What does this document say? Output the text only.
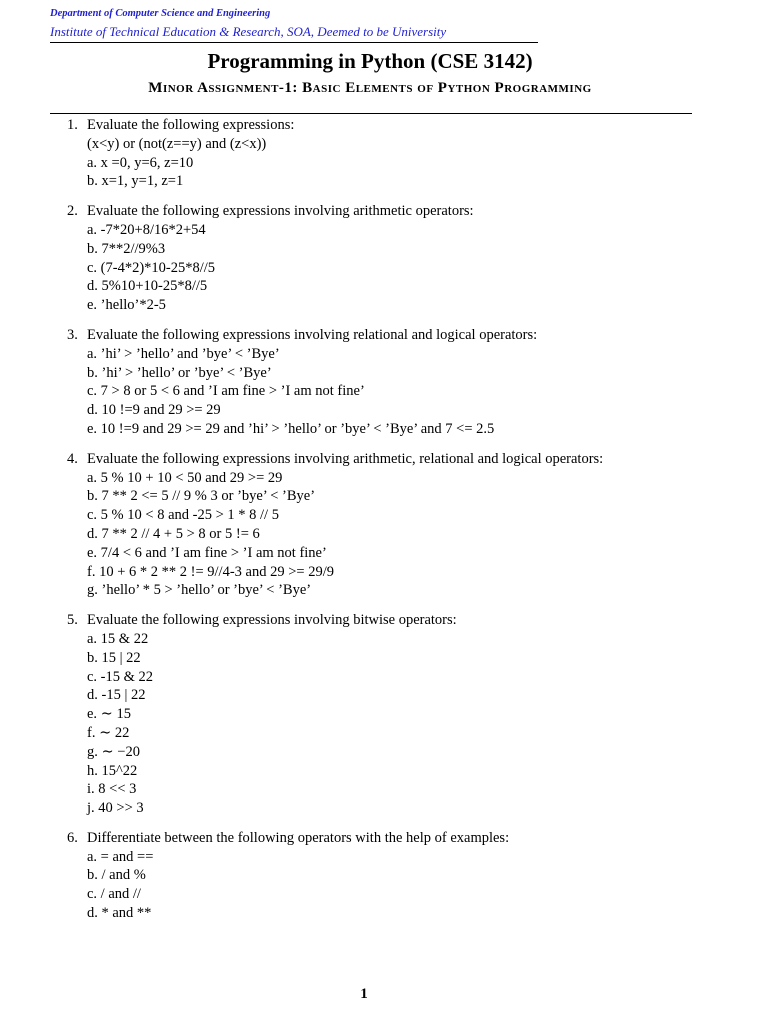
Department of Computer Science and Engineering
Institute of Technical Education & Research, SOA, Deemed to be University
Programming in Python (CSE 3142)
Minor Assignment-1: Basic Elements of Python Programming
1. Evaluate the following expressions:
(x<y) or (not(z==y) and (z<x))
a. x =0, y=6, z=10
b. x=1, y=1, z=1
2. Evaluate the following expressions involving arithmetic operators:
a. -7*20+8/16*2+54
b. 7**2//9%3
c. (7-4*2)*10-25*8//5
d. 5%10+10-25*8//5
e. ’hello’*2-5
3. Evaluate the following expressions involving relational and logical operators:
a. ’hi’ > ’hello’ and ’bye’ < ’Bye’
b. ’hi’ > ’hello’ or ’bye’ < ’Bye’
c. 7 > 8 or 5 < 6 and ’I am fine > ’I am not fine’
d. 10 !=9 and 29 >= 29
e. 10 !=9 and 29 >= 29 and ’hi’ > ’hello’ or ’bye’ < ’Bye’ and 7 <= 2.5
4. Evaluate the following expressions involving arithmetic, relational and logical operators:
a. 5 % 10 + 10 < 50 and 29 >= 29
b. 7 ** 2 <= 5 // 9 % 3 or ’bye’ < ’Bye’
c. 5 % 10 < 8 and -25 > 1 * 8 // 5
d. 7 ** 2 // 4 + 5 > 8 or 5 != 6
e. 7/4 < 6 and ’I am fine > ’I am not fine’
f. 10 + 6 * 2 ** 2 != 9//4-3 and 29 >= 29/9
g. ’hello’ * 5 > ’hello’ or ’bye’ < ’Bye’
5. Evaluate the following expressions involving bitwise operators:
a. 15 & 22
b. 15 | 22
c. -15 & 22
d. -15 | 22
e. ∼ 15
f. ∼ 22
g. ∼ −20
h. 15^22
i. 8 << 3
j. 40 >> 3
6. Differentiate between the following operators with the help of examples:
a. = and ==
b. / and %
c. / and //
d. * and **
1
